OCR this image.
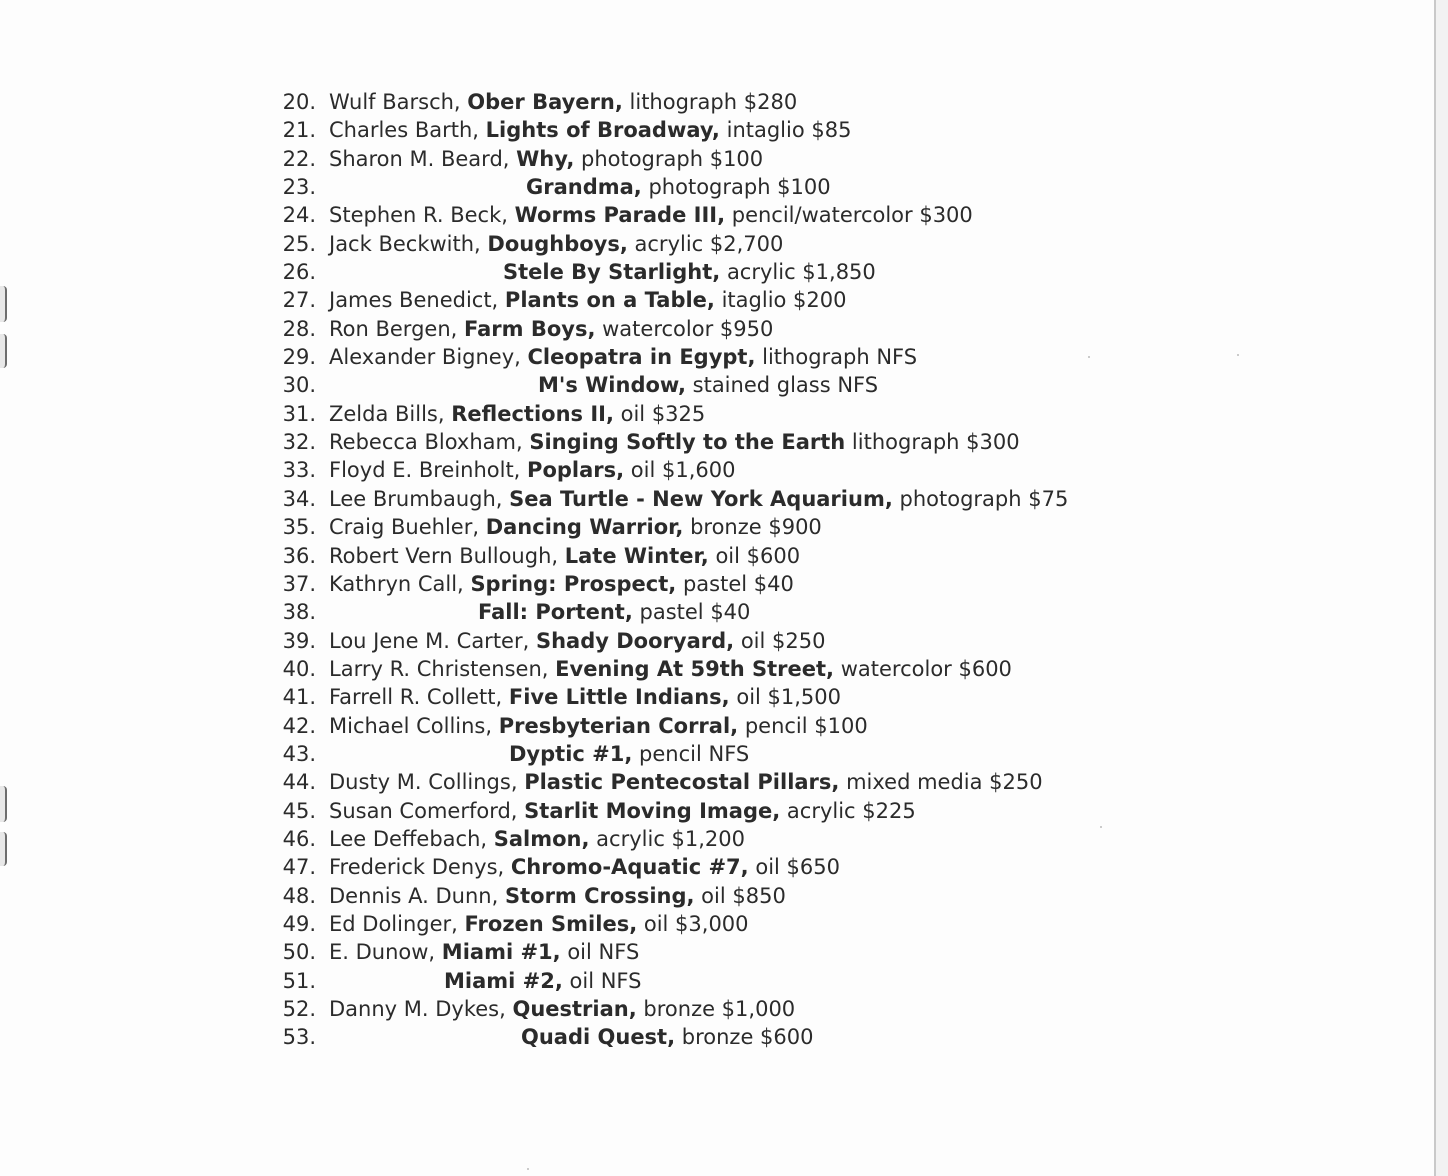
20. Wulf Barsch, Ober Bayern, lithograph $280
21. Charles Barth, Lights of Broadway, intaglio $85
22. Sharon M. Beard, Why, photograph $100
23.	Grandma, photograph $100
24. Stephen R. Beck, Worms Parade III, pencil/watercolor $300
25. Jack Beckwith, Doughboys, acrylic $2,700
26.	Stele By Starlight, acrylic $1,850
27. James Benedict, Plants on a Table, itaglio $200
28. Ron Bergen, Farm Boys, watercolor $950
29. Alexander Bigney, Cleopatra in Egypt, lithograph NFS
30.	M's Window, stained glass NFS
31. Zelda Bills, Reflections II, oil $325
32. Rebecca Bloxham, Singing Softly to the Earth lithograph $300
33. Floyd E. Breinholt, Poplars, oil $1,600
34. Lee Brumbaugh, Sea Turtle - New York Aquarium, photograph $75
35. Craig Buehler, Dancing Warrior, bronze $900
36. Robert Vern Bullough, Late Winter, oil $600
37. Kathryn Call, Spring: Prospect, pastel $40
38.	Fall: Portent, pastel $40
39. Lou Jene M. Carter, Shady Dooryard, oil $250
40. Larry R. Christensen, Evening At 59th Street, watercolor $600
41. Farrell R. Collett, Five Little Indians, oil $1,500
42. Michael Collins, Presbyterian Corral, pencil $100
43.	Dyptic #1, pencil NFS
44. Dusty M. Collings, Plastic Pentecostal Pillars, mixed media $250
45. Susan Comerford, Starlit Moving Image, acrylic $225
46. Lee Deffebach, Salmon, acrylic $1,200
47. Frederick Denys, Chromo-Aquatic #7, oil $650
48. Dennis A. Dunn, Storm Crossing, oil $850
49. Ed Dolinger, Frozen Smiles, oil $3,000
50. E. Dunow, Miami #1, oil NFS
51.	Miami #2, oil NFS
52. Danny M. Dykes, Questrian, bronze $1,000
53.	Quadi Quest, bronze $600
